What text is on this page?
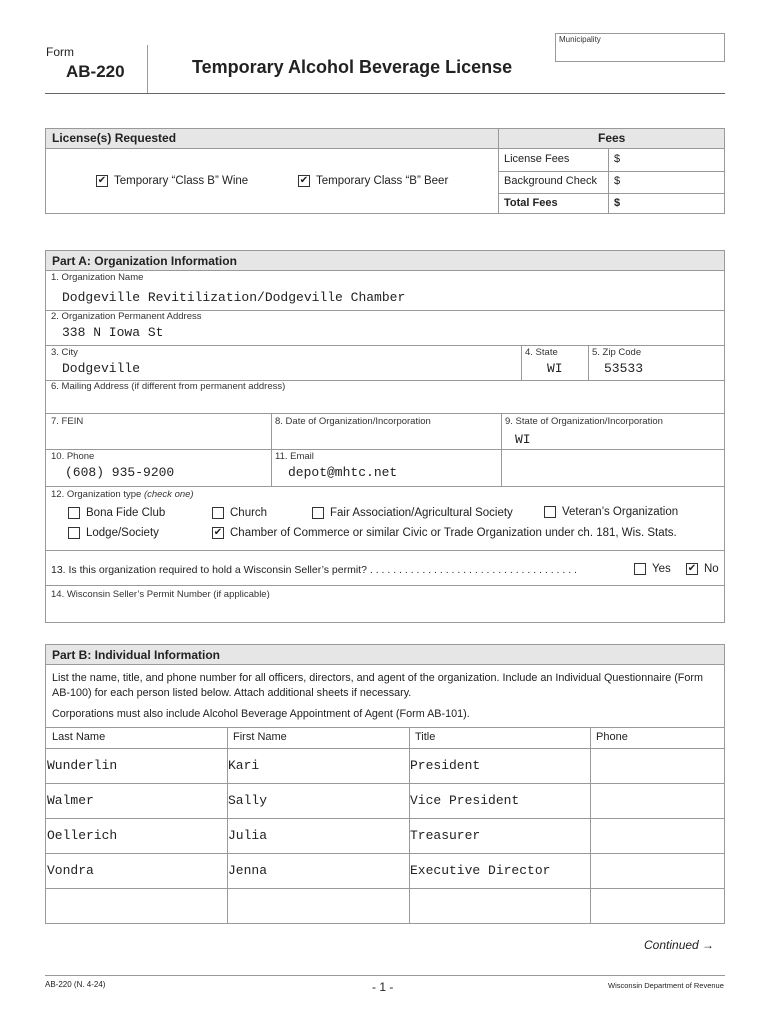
Municipality
Form
AB-220	Temporary Alcohol Beverage License
License(s) Requested	Fees
License Fees	$
Background Check $
Total Fees	$
✔Temporary “Class B” Wine ✔	Temporary Class “B” Beer
Part A: Organization Information
1. Organization Name
Dodgeville Revitilization/Dodgeville Chamber
2. Organization Permanent Address
338 N Iowa St
3. City
Dodgeville
4. State
WI
5. Zip Code
53533
6. Mailing Address (if different from permanent address)
7. FEIN	8. Date of Organization/Incorporation	9. State of Organization/Incorporation
WI
10. Phone
(608) 935-9200
11. Email
depot@mhtc.net
12. Organization type (check one)
Bona Fide Club	Church	Fair Association/Agricultural Society	Veteran’s Organization
Lodge/Society ✔	Chamber of Commerce or similar Civic or Trade Organization under ch. 181, Wis. Stats.
13. Is this organization required to hold a Wisconsin Seller’s permit? . . . . . . . . . . . . . . . . . . . . . . . . . . . . . . . . . . . .	Yes ✔	No
14. Wisconsin Seller’s Permit Number (if applicable)
Part B: Individual Information
List the name, title, and phone number for all officers, directors, and agent of the organization. Include an Individual Questionnaire (Form AB-100) for each person listed below. Attach additional sheets if necessary.
Corporations must also include Alcohol Beverage Appointment of Agent (Form AB-101).
Last Name	First Name	Title	Phone
Wunderlin	Kari	President
Walmer	Sally	Vice President
Oellerich	Julia	Treasurer
Vondra	Jenna	Executive Director
Continued →
AB-220 (N. 4-24)	- 1 -	Wisconsin Department of Revenue
